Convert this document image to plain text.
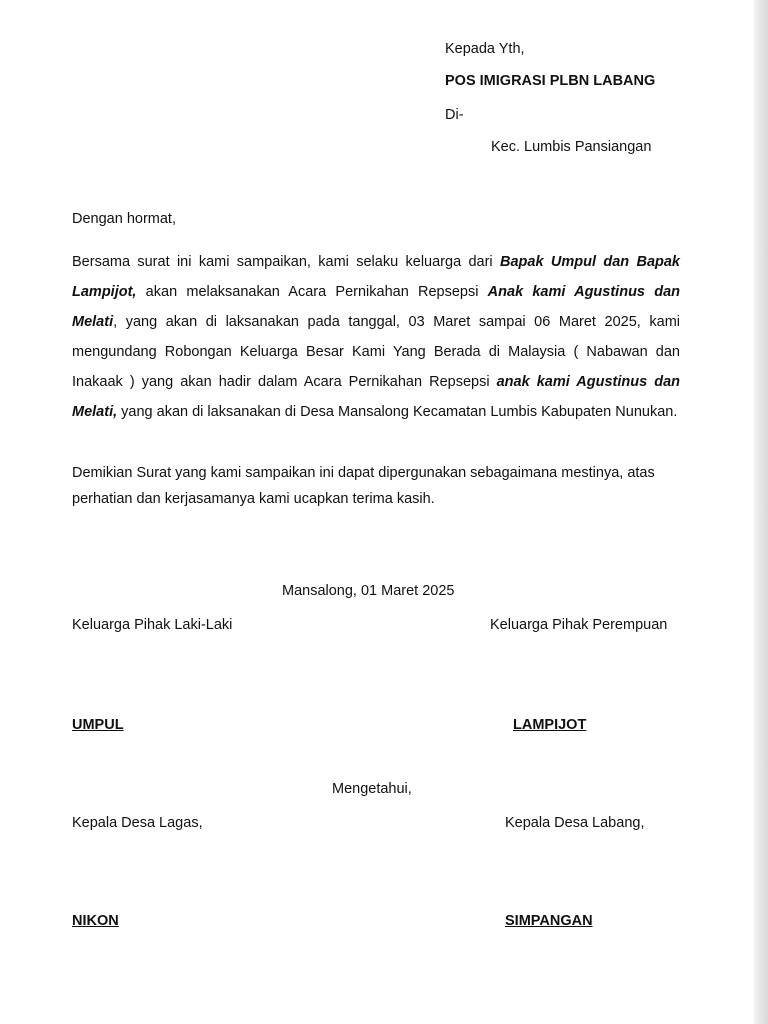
Kepada Yth,
POS IMIGRASI PLBN LABANG
Di-
Kec. Lumbis Pansiangan
Dengan hormat,
Bersama surat ini kami sampaikan, kami selaku keluarga dari Bapak Umpul dan Bapak Lampijot, akan melaksanakan Acara Pernikahan Repsepsi Anak kami Agustinus dan Melati, yang akan di laksanakan pada tanggal, 03 Maret sampai 06 Maret 2025, kami mengundang Robongan Keluarga Besar Kami Yang Berada di Malaysia ( Nabawan dan Inakaak ) yang akan hadir dalam Acara Pernikahan Repsepsi anak kami Agustinus dan Melati, yang akan di laksanakan di Desa Mansalong Kecamatan Lumbis Kabupaten Nunukan.
Demikian Surat yang kami sampaikan ini dapat dipergunakan sebagaimana mestinya, atas perhatian dan kerjasamanya kami ucapkan terima kasih.
Mansalong, 01 Maret 2025
Keluarga Pihak Laki-Laki	Keluarga Pihak Perempuan
UMPUL	LAMPIJOT
Mengetahui,
Kepala Desa Lagas,	Kepala Desa Labang,
NIKON	SIMPANGAN
